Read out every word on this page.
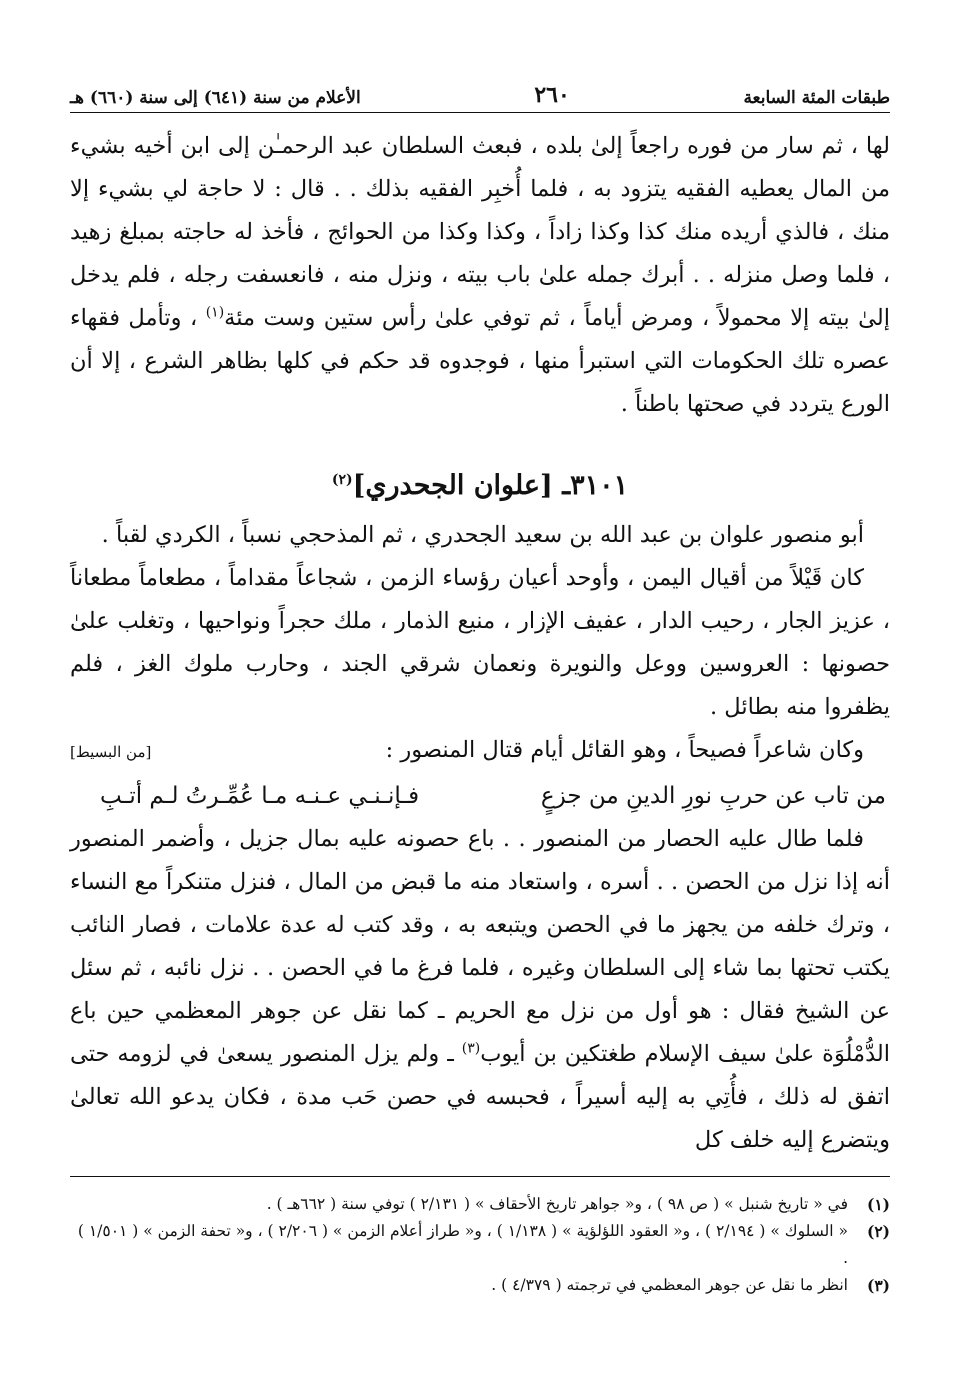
طبقات المئة السابعة
٢٦٠
الأعلام من سنة (٦٤١) إلى سنة (٦٦٠) هـ

لها ، ثم سار من فوره راجعاً إلىٰ بلده ، فبعث السلطان عبد الرحمـٰن إلى ابن أخيه بشيء من المال يعطيه الفقيه يتزود به ، فلما أُخبِر الفقيه بذلك . . قال : لا حاجة لي بشيء إلا منك ، فالذي أريده منك كذا وكذا زاداً ، وكذا وكذا من الحوائج ، فأخذ له حاجته بمبلغ زهيد ، فلما وصل منزله . . أبرك جمله علىٰ باب بيته ، ونزل منه ، فانعسفت رجله ، فلم يدخل إلىٰ بيته إلا محمولاً ، ومرض أياماً ، ثم توفي علىٰ رأس ستين وست مئة$^{(١)}$ ، وتأمل فقهاء عصره تلك الحكومات التي استبرأ منها ، فوجدوه قد حكم في كلها بظاهر الشرع ، إلا أن الورع يتردد في صحتها باطناً .

٣١٠١ـ [علوان الجحدري]$^{(٢)}$

أبو منصور علوان بن عبد الله بن سعيد الجحدري ، ثم المذحجي نسباً ، الكردي لقباً .

كان قَيْلاً من أقيال اليمن ، وأوحد أعيان رؤساء الزمن ، شجاعاً مقداماً ، مطعاماً مطعاناً ، عزيز الجار ، رحيب الدار ، عفيف الإزار ، منيع الذمار ، ملك حجراً ونواحيها ، وتغلب علىٰ حصونها : العروسين ووعل والنويرة ونعمان شرقي الجند ، وحارب ملوك الغز ، فلم يظفروا منه بطائل .

وكان شاعراً فصيحاً ، وهو القائل أيام قتال المنصور :
[من البسيط]
من تاب عن حربِ نورِ الدينِ من جزعٍ
فـإنـنـي عـنـه مـا عُمِّـرتُ لـم أتـبِ

فلما طال عليه الحصار من المنصور . . باع حصونه عليه بمال جزيل ، وأضمر المنصور أنه إذا نزل من الحصن . . أسره ، واستعاد منه ما قبض من المال ، فنزل متنكراً مع النساء ، وترك خلفه من يجهز ما في الحصن ويتبعه به ، وقد كتب له عدة علامات ، فصار النائب يكتب تحتها بما شاء إلى السلطان وغيره ، فلما فرغ ما في الحصن . . نزل نائبه ، ثم سئل عن الشيخ فقال : هو أول من نزل مع الحريم ـ كما نقل عن جوهر المعظمي حين باع الدُّمْلُوَة علىٰ سيف الإسلام طغتكين بن أيوب$^{(٣)}$ ـ ولم يزل المنصور يسعىٰ في لزومه حتى اتفق له ذلك ، فأُتِي به إليه أسيراً ، فحبسه في حصن حَب مدة ، فكان يدعو الله تعالىٰ ويتضرع إليه خلف كل

(١)
في « تاريخ شنبل » ( ص ٩٨ ) ، و« جواهر تاريخ الأحقاف » ( ٢/١٣١ ) توفي سنة ( ٦٦٢هـ ) .
(٢)
« السلوك » ( ٢/١٩٤ ) ، و« العقود اللؤلؤية » ( ١/١٣٨ ) ، و« طراز أعلام الزمن » ( ٢/٢٠٦ ) ، و« تحفة الزمن » ( ١/٥٠١ ) .
(٣)
انظر ما نقل عن جوهر المعظمي في ترجمته ( ٤/٣٧٩ ) .
